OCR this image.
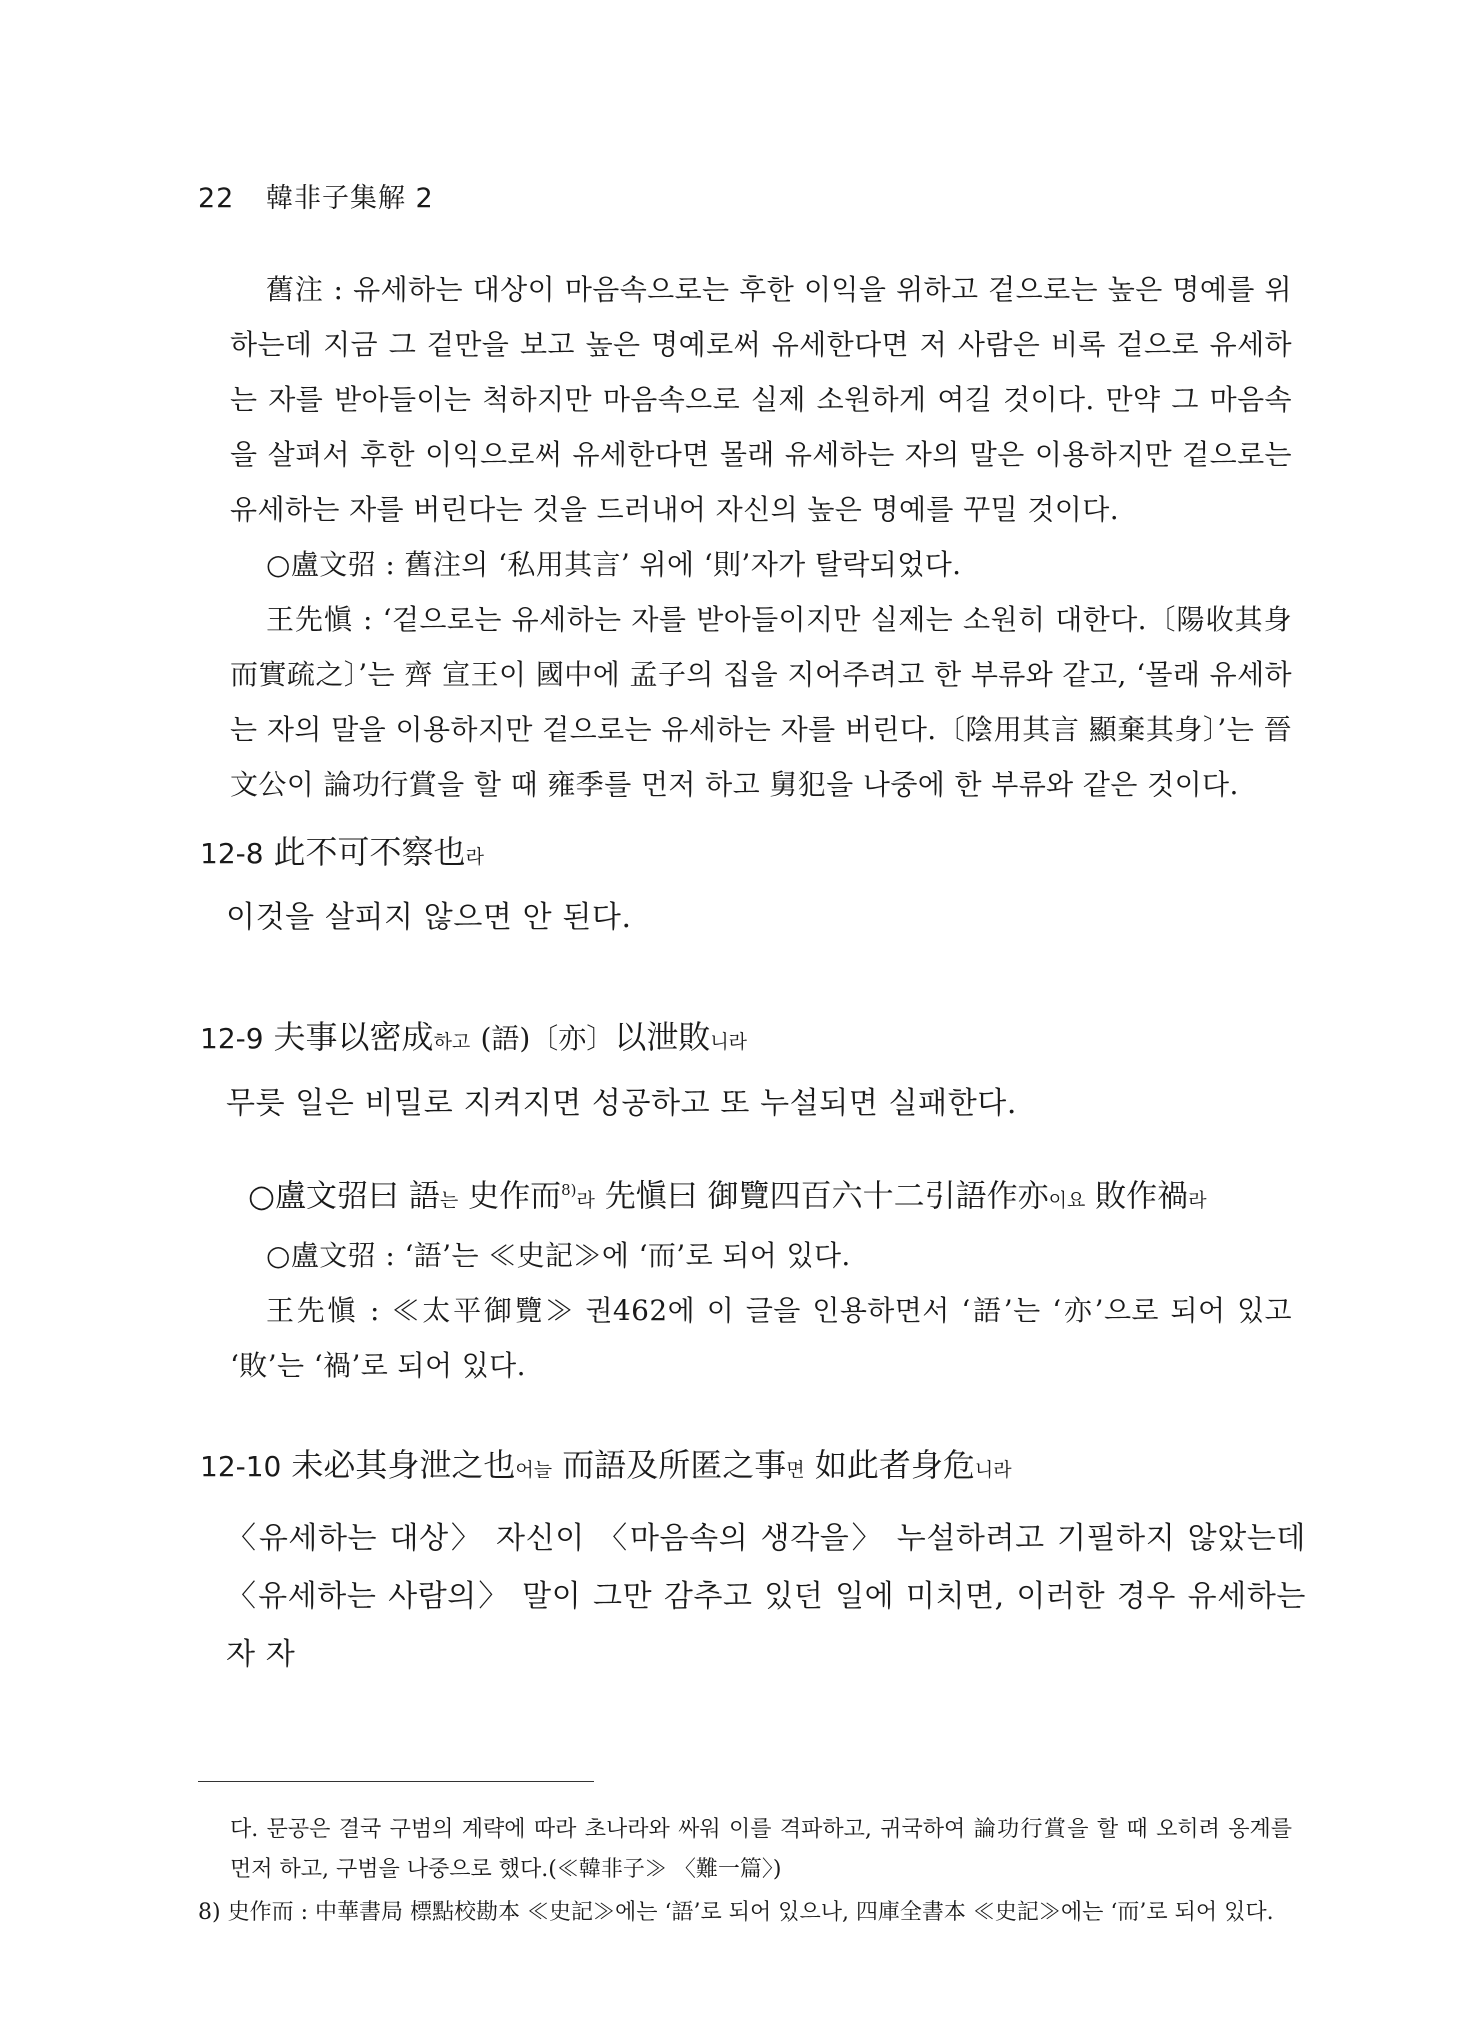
22 韓非子集解 2
舊注 : 유세하는 대상이 마음속으로는 후한 이익을 위하고 겉으로는 높은 명예를 위하는데 지금 그 겉만을 보고 높은 명예로써 유세한다면 저 사람은 비록 겉으로 유세하는 자를 받아들이는 척하지만 마음속으로 실제 소원하게 여길 것이다. 만약 그 마음속을 살펴서 후한 이익으로써 유세한다면 몰래 유세하는 자의 말은 이용하지만 겉으로는 유세하는 자를 버린다는 것을 드러내어 자신의 높은 명예를 꾸밀 것이다.
○盧文弨 : 舊注의 ‘私用其言’ 위에 ‘則’자가 탈락되었다.
王先愼 : ‘겉으로는 유세하는 자를 받아들이지만 실제는 소원히 대한다.〔陽收其身 而實疏之〕’는 齊 宣王이 國中에 孟子의 집을 지어주려고 한 부류와 같고, ‘몰래 유세하는 자의 말을 이용하지만 겉으로는 유세하는 자를 버린다.〔陰用其言 顯棄其身〕’는 晉 文公이 論功行賞을 할 때 雍季를 먼저 하고 舅犯을 나중에 한 부류와 같은 것이다.
12-8 此不可不察也라
이것을 살피지 않으면 안 된다.
12-9 夫事以密成하고 (語)〔亦〕以泄敗니라
무릇 일은 비밀로 지켜지면 성공하고 또 누설되면 실패한다.
○盧文弨曰 語는 史作而$^{8)}$라 先愼曰 御覽四百六十二引語作亦이요 敗作禍라
○盧文弨 : ‘語’는 ≪史記≫에 ‘而’로 되어 있다.
王先愼 : ≪太平御覽≫ 권462에 이 글을 인용하면서 ‘語’는 ‘亦’으로 되어 있고 ‘敗’는 ‘禍’로 되어 있다.
12-10 未必其身泄之也어늘 而語及所匿之事면 如此者身危니라
〈유세하는 대상〉 자신이 〈마음속의 생각을〉 누설하려고 기필하지 않았는데 〈유세하는 사람의〉 말이 그만 감추고 있던 일에 미치면, 이러한 경우 유세하는 자 자
다. 문공은 결국 구범의 계략에 따라 초나라와 싸워 이를 격파하고, 귀국하여 論功行賞을 할 때 오히려 옹계를 먼저 하고, 구범을 나중으로 했다.(≪韓非子≫ 〈難一篇〉)
8) 史作而 : 中華書局 標點校勘本 ≪史記≫에는 ‘語’로 되어 있으나, 四庫全書本 ≪史記≫에는 ‘而’로 되어 있다.
